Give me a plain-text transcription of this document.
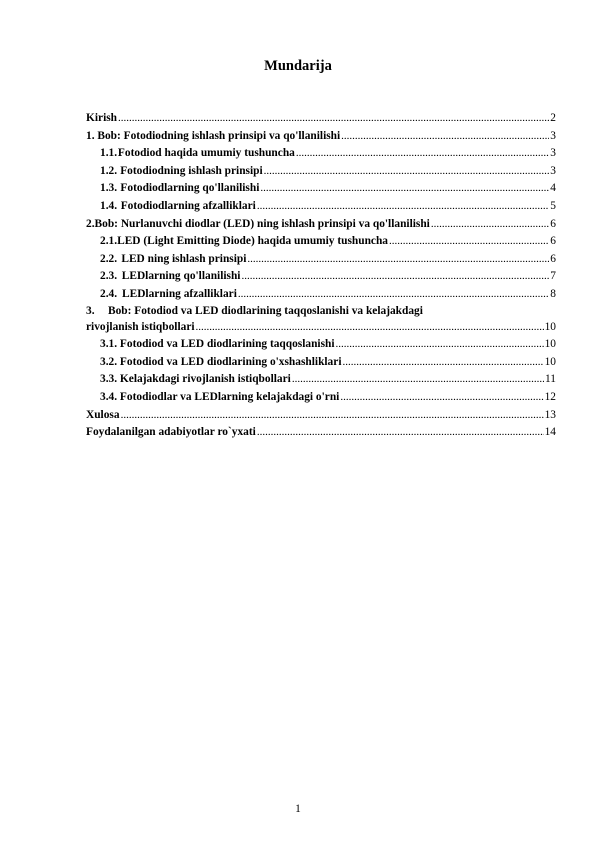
Mundarija
Kirish .....	2
1. Bob: Fotodiodning ishlash prinsipi va qo'llanilishi .....	3
1.1. Fotodiod haqida umumiy tushuncha .....	3
1.2. Fotodiodning ishlash prinsipi .....	3
1.3. Fotodiodlarning qo'llanilishi .....	4
1.4. Fotodiodlarning afzalliklari .....	5
2. Bob: Nurlanuvchi diodlar (LED) ning ishlash prinsipi va qo'llanilishi .....	6
2.1. LED (Light Emitting Diode) haqida umumiy tushuncha .....	6
2.2. LED ning ishlash prinsipi .....	6
2.3. LEDlarning qo'llanilishi .....	7
2.4. LEDlarning afzalliklari .....	8
3. Bob: Fotodiod va LED diodlarining taqqoslanishi va kelajakdagi
rivojlanish istiqbollari .....	10
3.1. Fotodiod va LED diodlarining taqqoslanishi .....	10
3.2. Fotodiod va LED diodlarining o'xshashliklari .....	10
3.3. Kelajakdagi rivojlanish istiqbollari .....	11
3.4. Fotodiodlar va LEDlarning kelajakdagi o'rni .....	12
Xulosa .....	13
Foydalanilgan adabiyotlar ro`yxati .....	14
1
